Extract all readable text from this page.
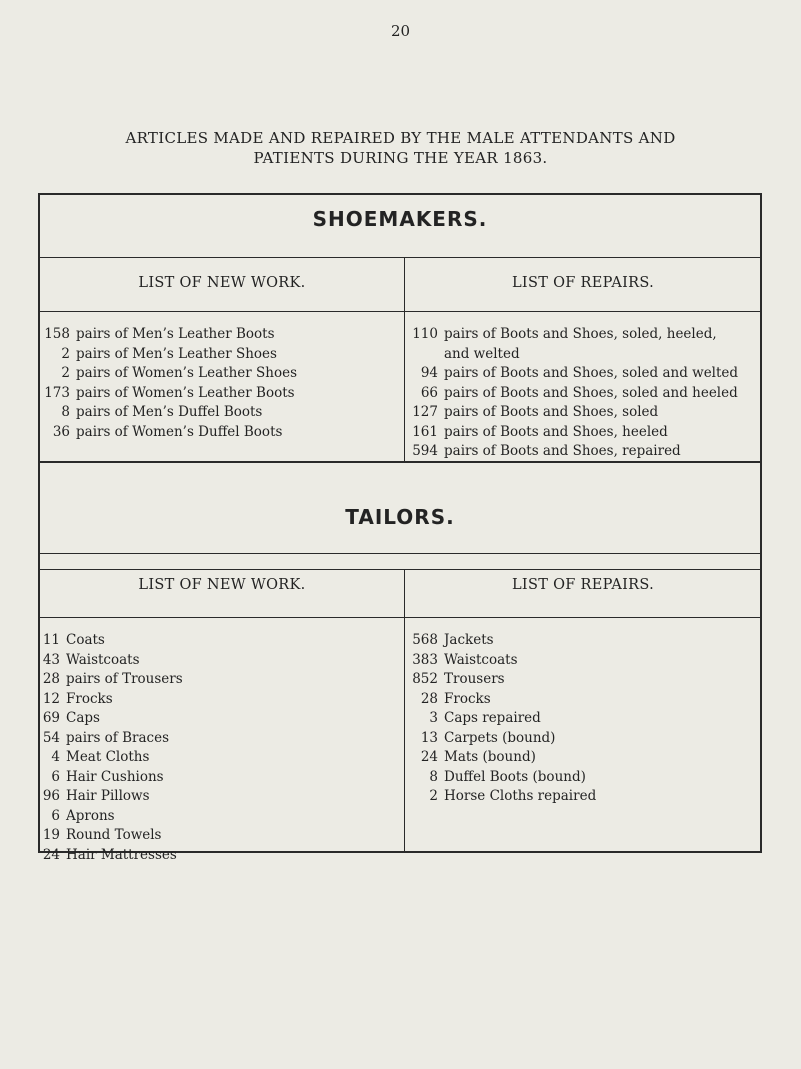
20
ARTICLES MADE AND REPAIRED BY THE MALE ATTENDANTS AND
PATIENTS DURING THE YEAR 1863.
SHOEMAKERS.
LIST OF NEW WORK.	LIST OF REPAIRS.
158 pairs of Men’s Leather Boots
2 pairs of Men’s Leather Shoes
2 pairs of Women’s Leather Shoes
173 pairs of Women’s Leather Boots
8 pairs of Men’s Duffel Boots
36 pairs of Women’s Duffel Boots
110 pairs of Boots and Shoes, soled, heeled,
and welted
94 pairs of Boots and Shoes, soled and welted
66 pairs of Boots and Shoes, soled and heeled
127 pairs of Boots and Shoes, soled
161 pairs of Boots and Shoes, heeled
594 pairs of Boots and Shoes, repaired
TAILORS.
LIST OF NEW WORK.	LIST OF REPAIRS.
11 Coats
43 Waistcoats
28 pairs of Trousers
12 Frocks
69 Caps
54 pairs of Braces
4 Meat Cloths
6 Hair Cushions
96 Hair Pillows
6 Aprons
19 Round Towels
24 Hair Mattresses
568 Jackets
383 Waistcoats
852 Trousers
28 Frocks
3 Caps repaired
13 Carpets (bound)
24 Mats (bound)
8 Duffel Boots (bound)
2 Horse Cloths repaired
